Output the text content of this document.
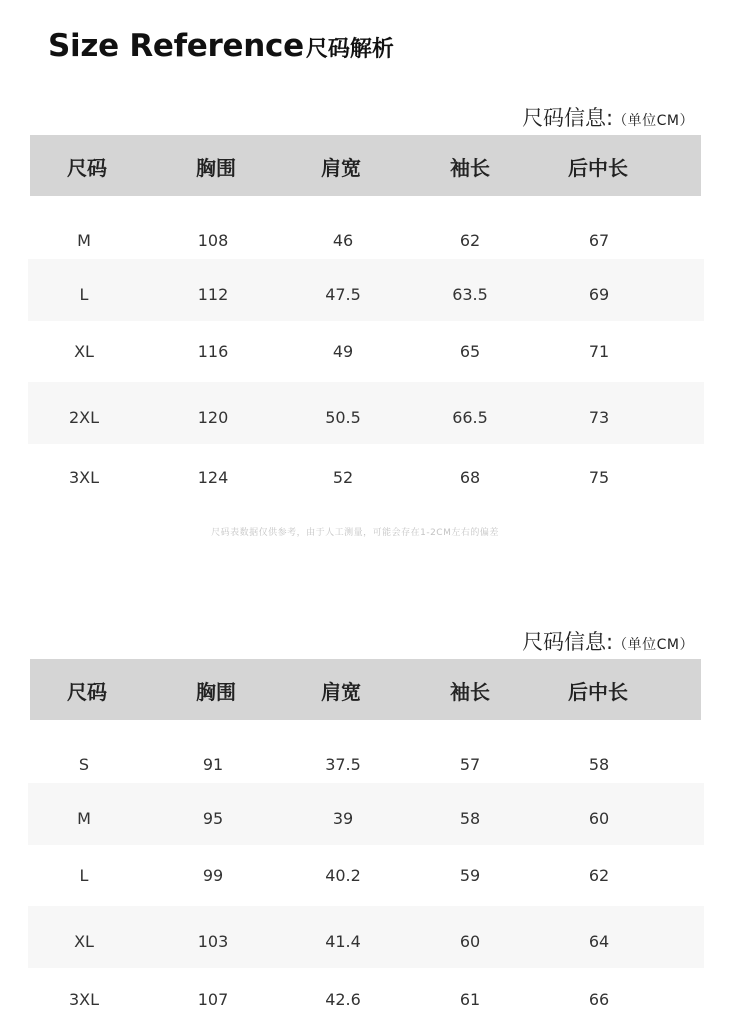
Size Reference尺码解析
尺码信息:（单位CM）
尺码	胸围	肩宽	袖长	后中长
M	108	46	62	67
L	112	47.5	63.5	69
XL	116	49	65	71
2XL	120	50.5	66.5	73
3XL	124	52	68	75
尺码表数据仅供参考，由于人工测量，可能会存在1-2CM左右的偏差
尺码信息:（单位CM）
尺码	胸围	肩宽	袖长	后中长
S	91	37.5	57	58
M	95	39	58	60
L	99	40.2	59	62
XL	103	41.4	60	64
3XL	107	42.6	61	66
